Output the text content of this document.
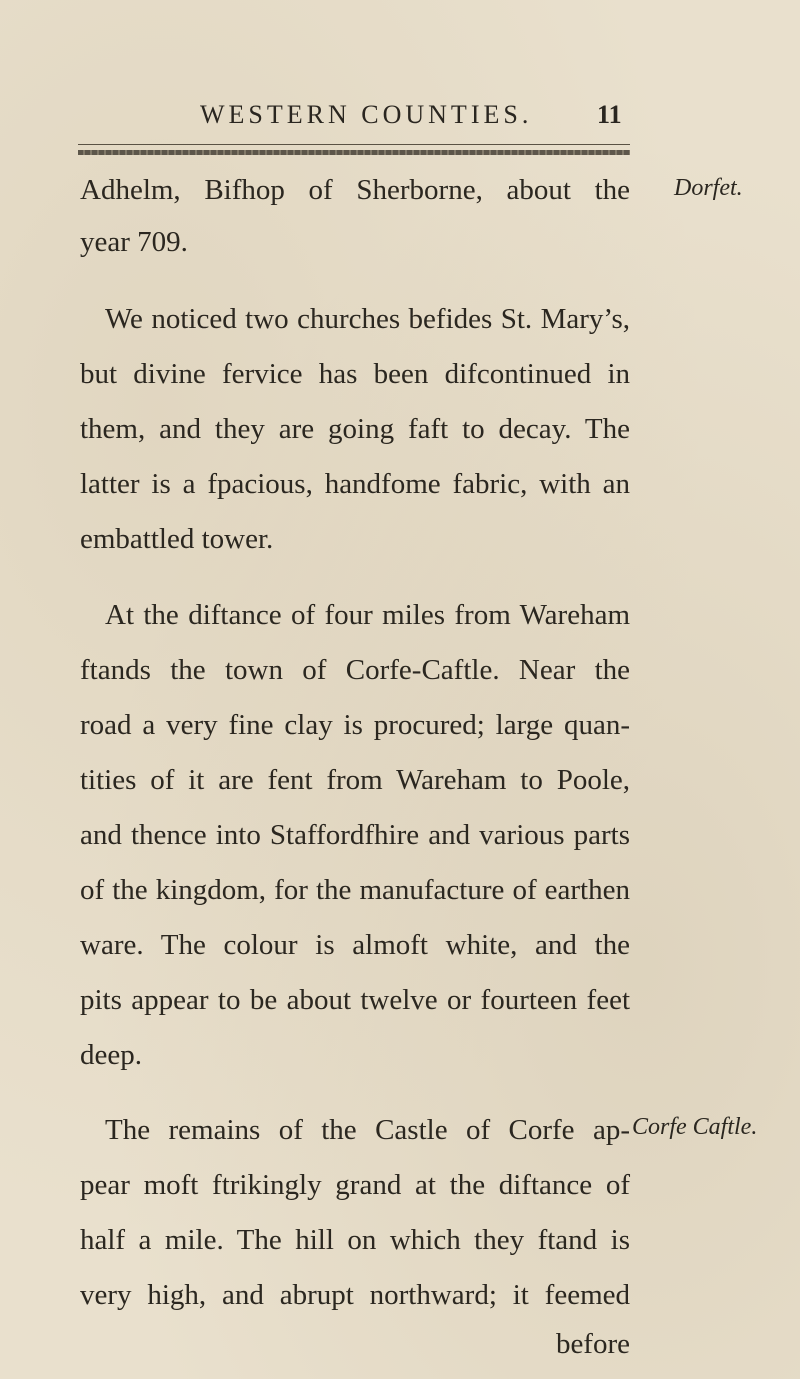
WESTERN COUNTIES.	11
Dorfet.
Adhelm, Bifhop of Sherborne, about the
year 709.
We noticed two churches befides St. Mary’s,
but divine fervice has been difcontinued in
them, and they are going faft to decay. The
latter is a fpacious, handfome fabric, with an
embattled tower.
At the diftance of four miles from Wareham
ftands the town of Corfe-Caftle. Near the
road a very fine clay is procured; large quan-
tities of it are fent from Wareham to Poole,
and thence into Staffordfhire and various parts
of the kingdom, for the manufacture of earthen
ware. The colour is almoft white, and the
pits appear to be about twelve or fourteen feet
deep.
Corfe Caftle.
The remains of the Castle of Corfe ap-
pear moft ftrikingly grand at the diftance of
half a mile. The hill on which they ftand is
very high, and abrupt northward; it feemed
before
